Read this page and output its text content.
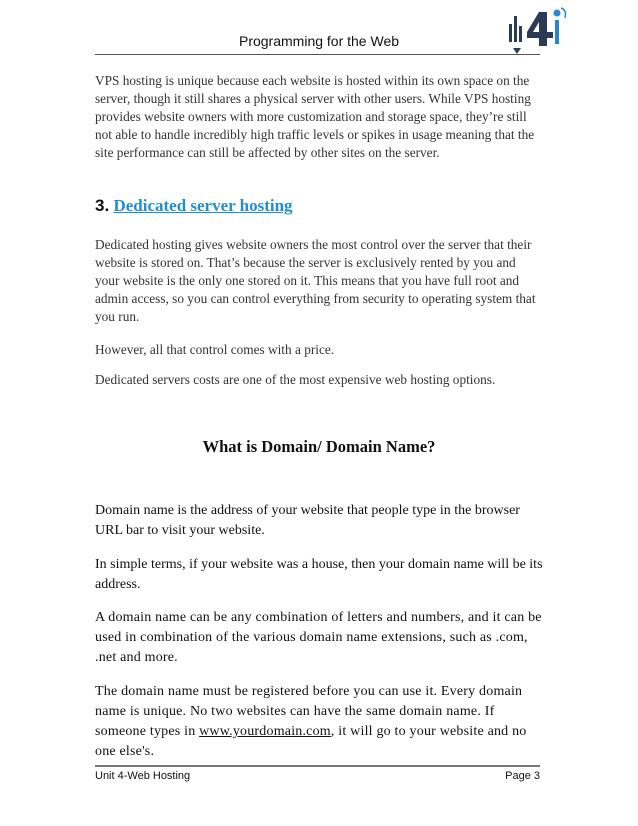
Programming for the Web

VPS hosting is unique because each website is hosted within its own space on the server, though it still shares a physical server with other users. While VPS hosting provides website owners with more customization and storage space, they’re still not able to handle incredibly high traffic levels or spikes in usage meaning that the site performance can still be affected by other sites on the server.

3. Dedicated server hosting

Dedicated hosting gives website owners the most control over the server that their website is stored on. That’s because the server is exclusively rented by you and your website is the only one stored on it. This means that you have full root and admin access, so you can control everything from security to operating system that you run.

However, all that control comes with a price.

Dedicated servers costs are one of the most expensive web hosting options.

What is Domain/ Domain Name?

Domain name is the address of your website that people type in the browser URL bar to visit your website.

In simple terms, if your website was a house, then your domain name will be its address.

A domain name can be any combination of letters and numbers, and it can be used in combination of the various domain name extensions, such as .com, .net and more.

The domain name must be registered before you can use it. Every domain name is unique. No two websites can have the same domain name. If someone types in www.yourdomain.com, it will go to your website and no one else's.

Unit 4-Web Hosting	Page 3
